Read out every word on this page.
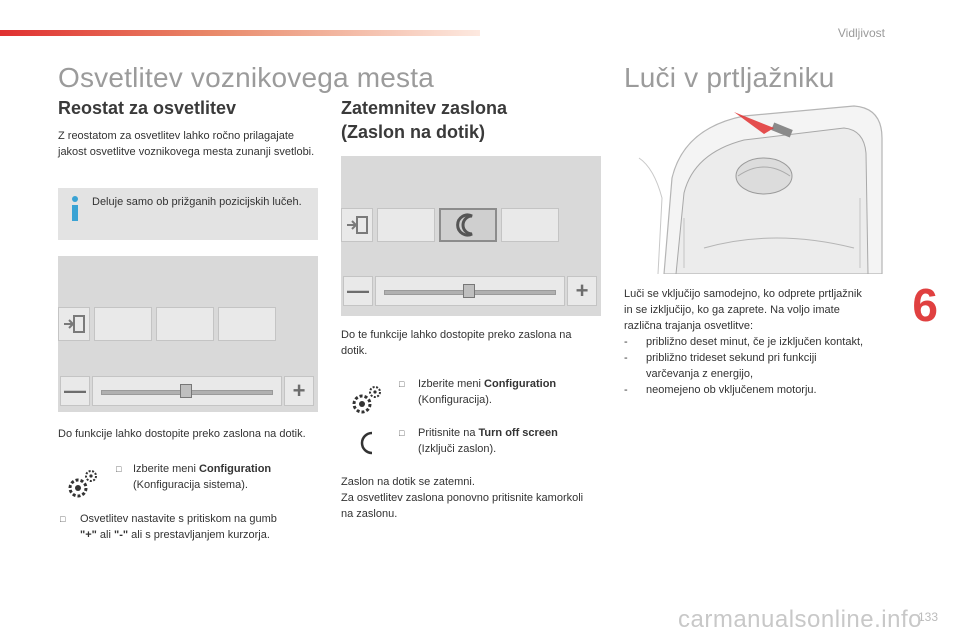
Vidljivost
Osvetlitev voznikovega mesta
Reostat za osvetlitev
Z reostatom za osvetlitev lahko ročno prilagajate jakost osvetlitve voznikovega mesta zunanji svetlobi.
Deluje samo ob prižganih pozicijskih lučeh.
—	+
Do funkcije lahko dostopite preko zaslona na dotik.
□ Izberite meni Configuration
(Konfiguracija sistema).
□ Osvetlitev nastavite s pritiskom na gumb
"+" ali "-" ali s prestavljanjem kurzorja.
Zatemnitev zaslona
(Zaslon na dotik)
—	+
Do te funkcije lahko dostopite preko zaslona na dotik.
□ Izberite meni Configuration
(Konfiguracija).
□ Pritisnite na Turn off screen
(Izključi zaslon).
Zaslon na dotik se zatemni.
Za osvetlitev zaslona ponovno pritisnite kamorkoli na zaslonu.
Luči v prtljažniku
Luči se vključijo samodejno, ko odprete prtljažnik in se izključijo, ko ga zaprete. Na voljo imate različna trajanja osvetlitve:
-	približno deset minut, če je izključen kontakt,
-	približno trideset sekund pri funkciji varčevanja z energijo,
-	neomejeno ob vključenem motorju.
6
133
carmanualsonline.info
